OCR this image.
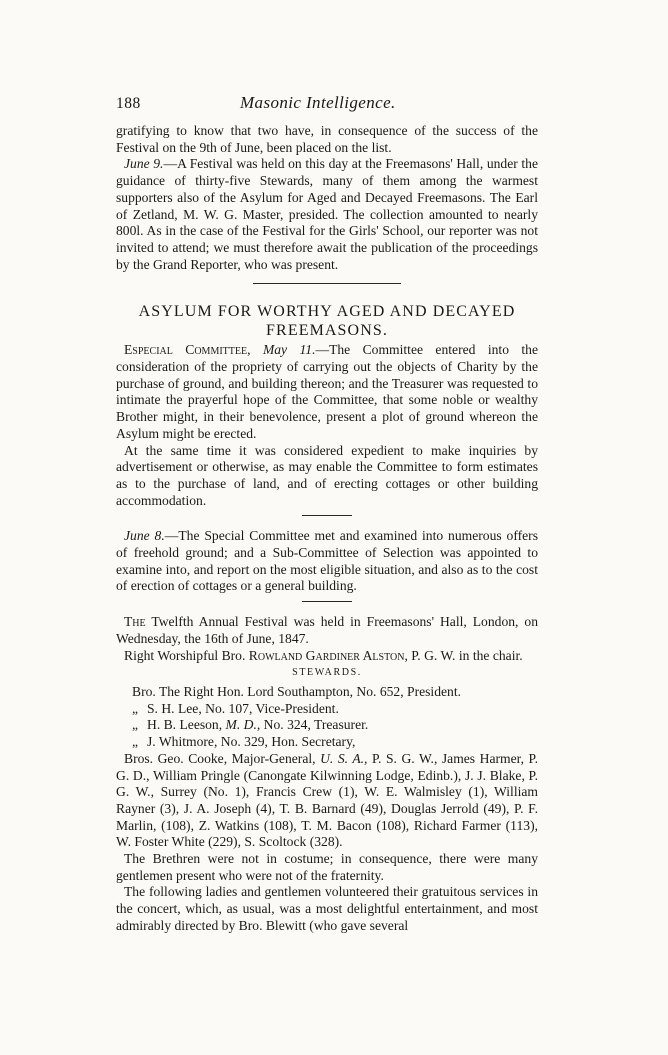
188	Masonic Intelligence.

gratifying to know that two have, in consequence of the success of the Festival on the 9th of June, been placed on the list.

June 9.—A Festival was held on this day at the Freemasons' Hall, under the guidance of thirty-five Stewards, many of them among the warmest supporters also of the Asylum for Aged and Decayed Freemasons. The Earl of Zetland, M. W. G. Master, presided. The collection amounted to nearly 800l. As in the case of the Festival for the Girls' School, our reporter was not invited to attend; we must therefore await the publication of the proceedings by the Grand Reporter, who was present.

ASYLUM FOR WORTHY AGED AND DECAYED
FREEMASONS.

Especial Committee, May 11.—The Committee entered into the consideration of the propriety of carrying out the objects of Charity by the purchase of ground, and building thereon; and the Treasurer was requested to intimate the prayerful hope of the Committee, that some noble or wealthy Brother might, in their benevolence, present a plot of ground whereon the Asylum might be erected.

At the same time it was considered expedient to make inquiries by advertisement or otherwise, as may enable the Committee to form estimates as to the purchase of land, and of erecting cottages or other building accommodation.

June 8.—The Special Committee met and examined into numerous offers of freehold ground; and a Sub-Committee of Selection was appointed to examine into, and report on the most eligible situation, and also as to the cost of erection of cottages or a general building.

The Twelfth Annual Festival was held in Freemasons' Hall, London, on Wednesday, the 16th of June, 1847.

Right Worshipful Bro. Rowland Gardiner Alston, P. G. W. in the chair.

STEWARDS.

Bro. The Right Hon. Lord Southampton, No. 652, President.

„ S. H. Lee, No. 107, Vice-President.

„ H. B. Leeson, M. D., No. 324, Treasurer.

„ J. Whitmore, No. 329, Hon. Secretary,

Bros. Geo. Cooke, Major-General, U. S. A., P. S. G. W., James Harmer, P. G. D., William Pringle (Canongate Kilwinning Lodge, Edinb.), J. J. Blake, P. G. W., Surrey (No. 1), Francis Crew (1), W. E. Walmisley (1), William Rayner (3), J. A. Joseph (4), T. B. Barnard (49), Douglas Jerrold (49), P. F. Marlin, (108), Z. Watkins (108), T. M. Bacon (108), Richard Farmer (113), W. Foster White (229), S. Scoltock (328).

The Brethren were not in costume; in consequence, there were many gentlemen present who were not of the fraternity.

The following ladies and gentlemen volunteered their gratuitous services in the concert, which, as usual, was a most delightful entertainment, and most admirably directed by Bro. Blewitt (who gave several
